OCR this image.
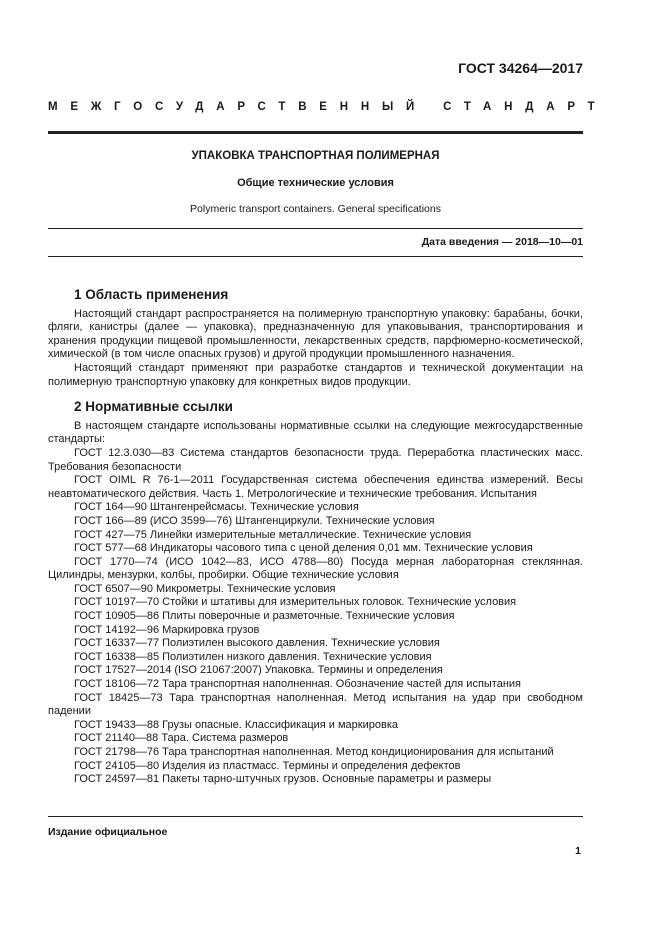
ГОСТ 34264—2017
МЕЖГОСУДАРСТВЕННЫЙ СТАНДАРТ
УПАКОВКА ТРАНСПОРТНАЯ ПОЛИМЕРНАЯ
Общие технические условия
Polymeric transport containers. General specifications
Дата введения — 2018—10—01
1 Область применения

Настоящий стандарт распространяется на полимерную транспортную упаковку: барабаны, бочки, фляги, канистры (далее — упаковка), предназначенную для упаковывания, транспортирования и хранения продукции пищевой промышленности, лекарственных средств, парфюмерно-косметической, химической (в том числе опасных грузов) и другой продукции промышленного назначения.

Настоящий стандарт применяют при разработке стандартов и технической документации на полимерную транспортную упаковку для конкретных видов продукции.

2 Нормативные ссылки

В настоящем стандарте использованы нормативные ссылки на следующие межгосударственные стандарты:

ГОСТ 12.3.030—83 Система стандартов безопасности труда. Переработка пластических масс. Требования безопасности

ГОСТ OIML R 76-1—2011 Государственная система обеспечения единства измерений. Весы неавтоматического действия. Часть 1. Метрологические и технические требования. Испытания

ГОСТ 164—90 Штангенрейсмасы. Технические условия

ГОСТ 166—89 (ИСО 3599—76) Штангенциркули. Технические условия

ГОСТ 427—75 Линейки измерительные металлические. Технические условия

ГОСТ 577—68 Индикаторы часового типа с ценой деления 0,01 мм. Технические условия

ГОСТ 1770—74 (ИСО 1042—83, ИСО 4788—80) Посуда мерная лабораторная стеклянная. Цилиндры, мензурки, колбы, пробирки. Общие технические условия

ГОСТ 6507—90 Микрометры. Технические условия

ГОСТ 10197—70 Стойки и штативы для измерительных головок. Технические условия

ГОСТ 10905—86 Плиты поверочные и разметочные. Технические условия

ГОСТ 14192—96 Маркировка грузов

ГОСТ 16337—77 Полиэтилен высокого давления. Технические условия

ГОСТ 16338—85 Полиэтилен низкого давления. Технические условия

ГОСТ 17527—2014 (ISO 21067:2007) Упаковка. Термины и определения

ГОСТ 18106—72 Тара транспортная наполненная. Обозначение частей для испытания

ГОСТ 18425—73 Тара транспортная наполненная. Метод испытания на удар при свободном падении

ГОСТ 19433—88 Грузы опасные. Классификация и маркировка

ГОСТ 21140—88 Тара. Система размеров

ГОСТ 21798—76 Тара транспортная наполненная. Метод кондиционирования для испытаний

ГОСТ 24105—80 Изделия из пластмасс. Термины и определения дефектов

ГОСТ 24597—81 Пакеты тарно-штучных грузов. Основные параметры и размеры

Издание официальное
1
